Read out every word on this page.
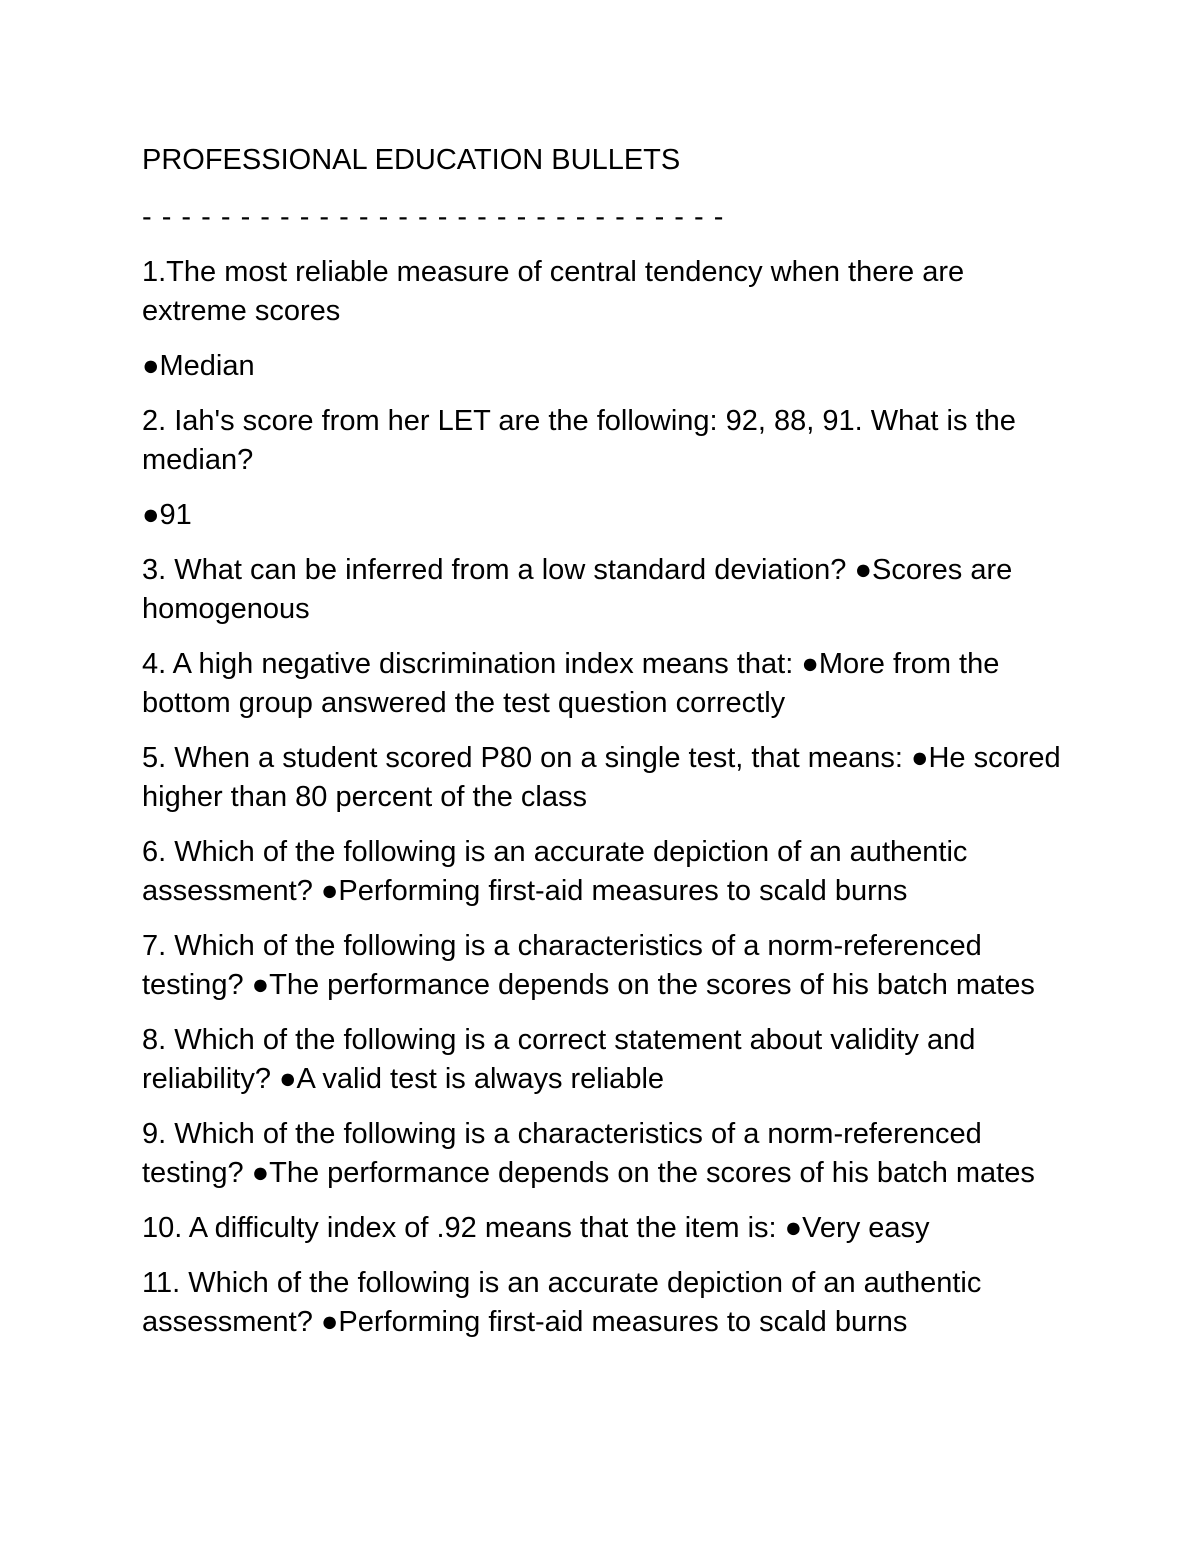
PROFESSIONAL EDUCATION BULLETS
- - - - - - - - - - - - - - - - - - - - - - - - - - - - - -
1.The most reliable measure of central tendency when there are extreme scores
●Median
2. Iah's score from her LET are the following: 92, 88, 91. What is the median?
●91
3. What can be inferred from a low standard deviation? ●Scores are homogenous
4. A high negative discrimination index means that: ●More from the bottom group answered the test question correctly
5. When a student scored P80 on a single test, that means: ●He scored higher than 80 percent of the class
6. Which of the following is an accurate depiction of an authentic assessment? ●Performing first-aid measures to scald burns
7. Which of the following is a characteristics of a norm-referenced testing? ●The performance depends on the scores of his batch mates
8. Which of the following is a correct statement about validity and reliability? ●A valid test is always reliable
9. Which of the following is a characteristics of a norm-referenced testing? ●The performance depends on the scores of his batch mates
10. A difficulty index of .92 means that the item is: ●Very easy
11. Which of the following is an accurate depiction of an authentic assessment? ●Performing first-aid measures to scald burns
